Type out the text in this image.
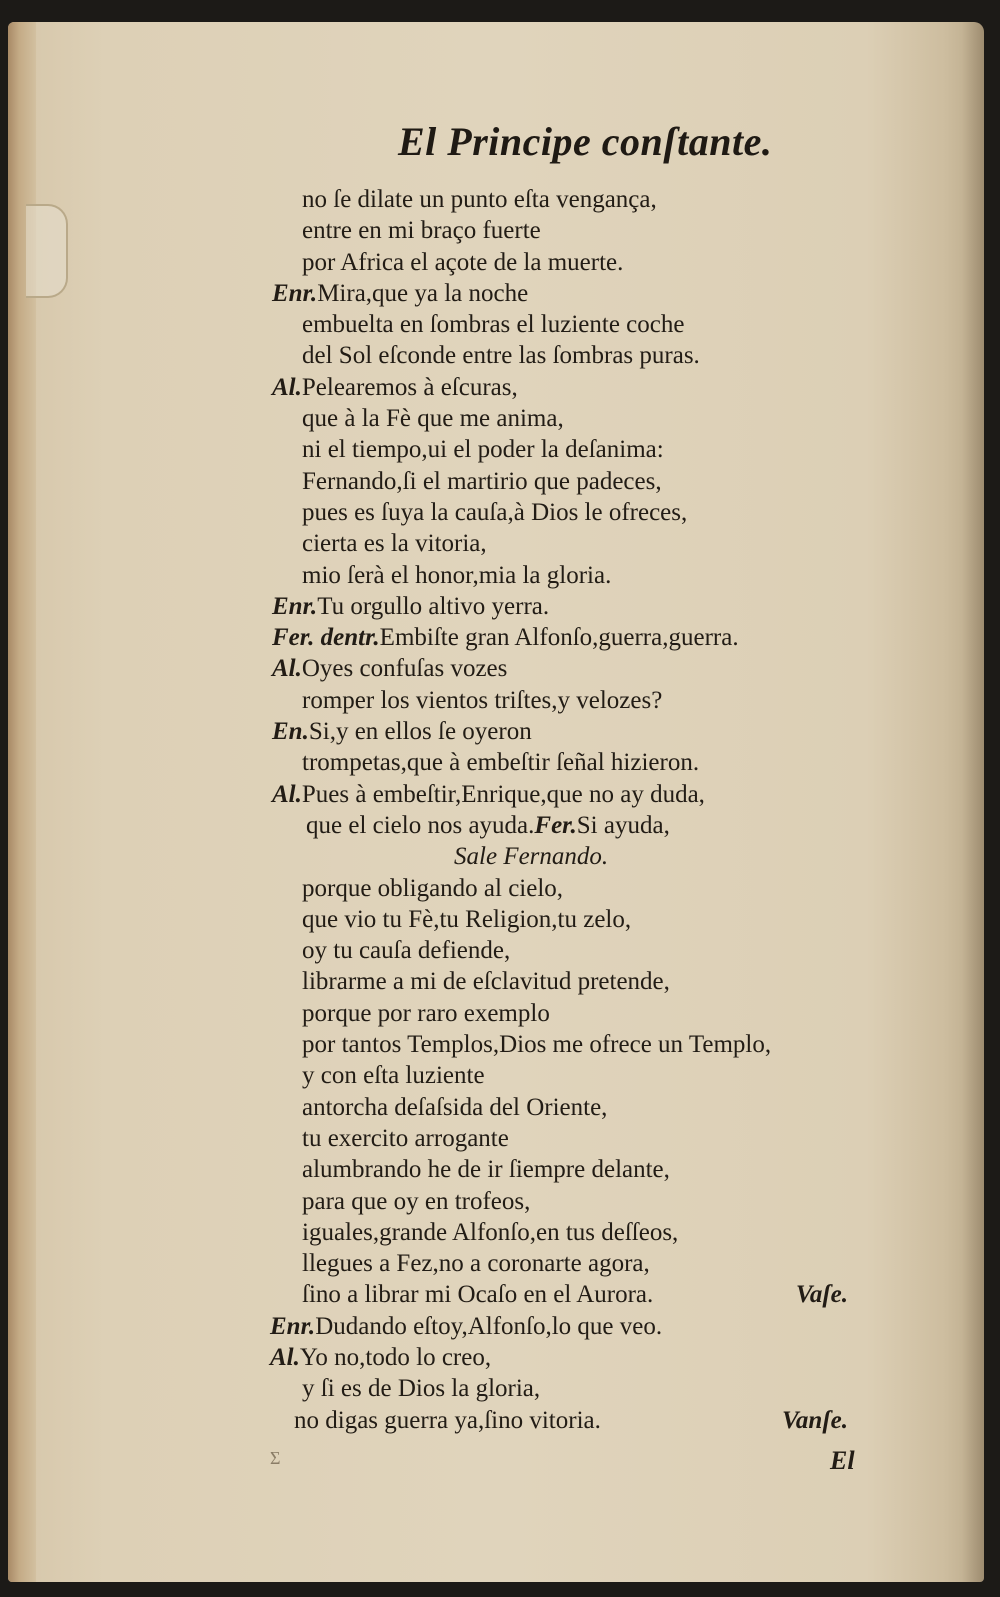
El Principe conſtante.
no ſe dilate un punto eſta vengança,
entre en mi braço fuerte
por Africa el açote de la muerte.
Enr.Mira,que ya la noche
embuelta en ſombras el luziente coche
del Sol eſconde entre las ſombras puras.
Al.Pelearemos à eſcuras,
que à la Fè que me anima,
ni el tiempo,ui el poder la deſanima:
Fernando,ſi el martirio que padeces,
pues es ſuya la cauſa,à Dios le ofreces,
cierta es la vitoria,
mio ſerà el honor,mia la gloria.
Enr.Tu orgullo altivo yerra.
Fer. dentr.Embiſte gran Alfonſo,guerra,guerra.
Al.Oyes confuſas vozes
romper los vientos triſtes,y velozes?
En.Si,y en ellos ſe oyeron
trompetas,que à embeſtir ſeñal hizieron.
Al.Pues à embeſtir,Enrique,que no ay duda,
que el cielo nos ayuda.Fer.Si ayuda,
Sale Fernando.
porque obligando al cielo,
que vio tu Fè,tu Religion,tu zelo,
oy tu cauſa defiende,
librarme a mi de eſclavitud pretende,
porque por raro exemplo
por tantos Templos,Dios me ofrece un Templo,
y con eſta luziente
antorcha deſaſsida del Oriente,
tu exercito arrogante
alumbrando he de ir ſiempre delante,
para que oy en trofeos,
iguales,grande Alfonſo,en tus deſſeos,
llegues a Fez,no a coronarte agora,
ſino a librar mi Ocaſo en el Aurora.	Vaſe.
Enr.Dudando eſtoy,Alfonſo,lo que veo.
Al.Yo no,todo lo creo,
y ſi es de Dios la gloria,
no digas guerra ya,ſino vitoria.	Vanſe.
Σ	El
